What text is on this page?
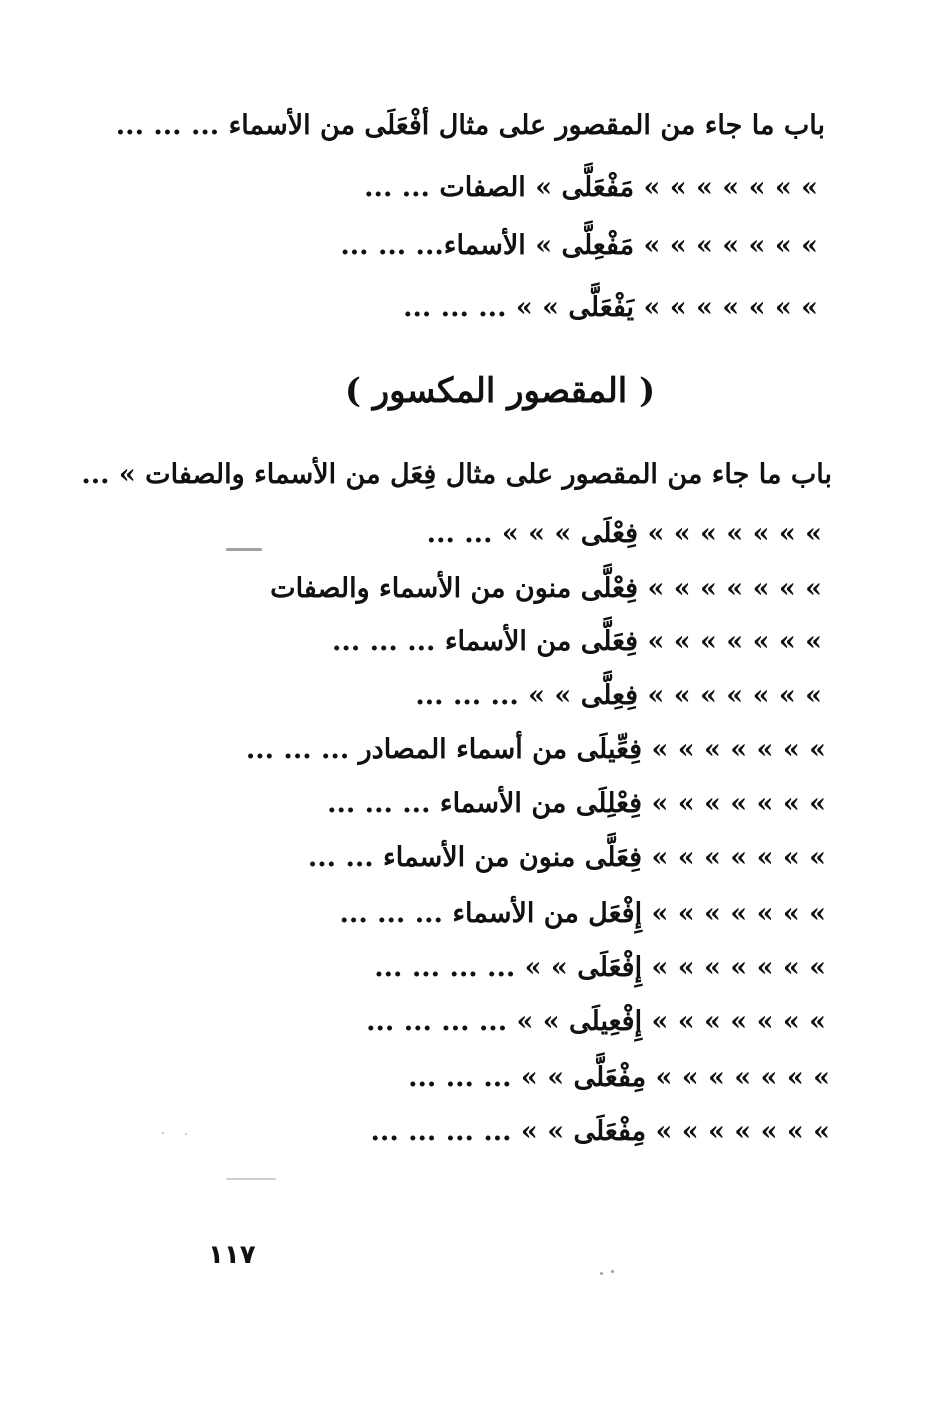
باب ما جاء من المقصور على مثال أفْعَلَى من الأسماء ... ... ...
» » » » » » » مَفْعَلَّى » الصفات ... ...
» » » » » » » مَفْعِلَّى » الأسماء... ... ...
» » » » » » » يَفْعَلَّى » » ... ... ...
( المقصور المكسور )
باب ما جاء من المقصور على مثال فِعَل من الأسماء والصفات » ...
» » » » » » » فِعْلَى » » » ... ...
» » » » » » » فِعْلَّى منون من الأسماء والصفات
» » » » » » » فِعَلَّى من الأسماء ... ... ...
» » » » » » » فِعِلَّى » » ... ... ...
» » » » » » » فِعِّيلَى من أسماء المصادر ... ... ...
» » » » » » » فِعْلِلَى من الأسماء ... ... ...
» » » » » » » فِعَلَّى منون من الأسماء ... ...
» » » » » » » إِفْعَل من الأسماء ... ... ...
» » » » » » » إِفْعَلَى » » ... ... ... ...
» » » » » » » إِفْعِيلَى » » ... ... ... ...
» » » » » » » مِفْعَلَّى » » ... ... ...
» » » » » » » مِفْعَلَى » » ... ... ... ...
١١٧
